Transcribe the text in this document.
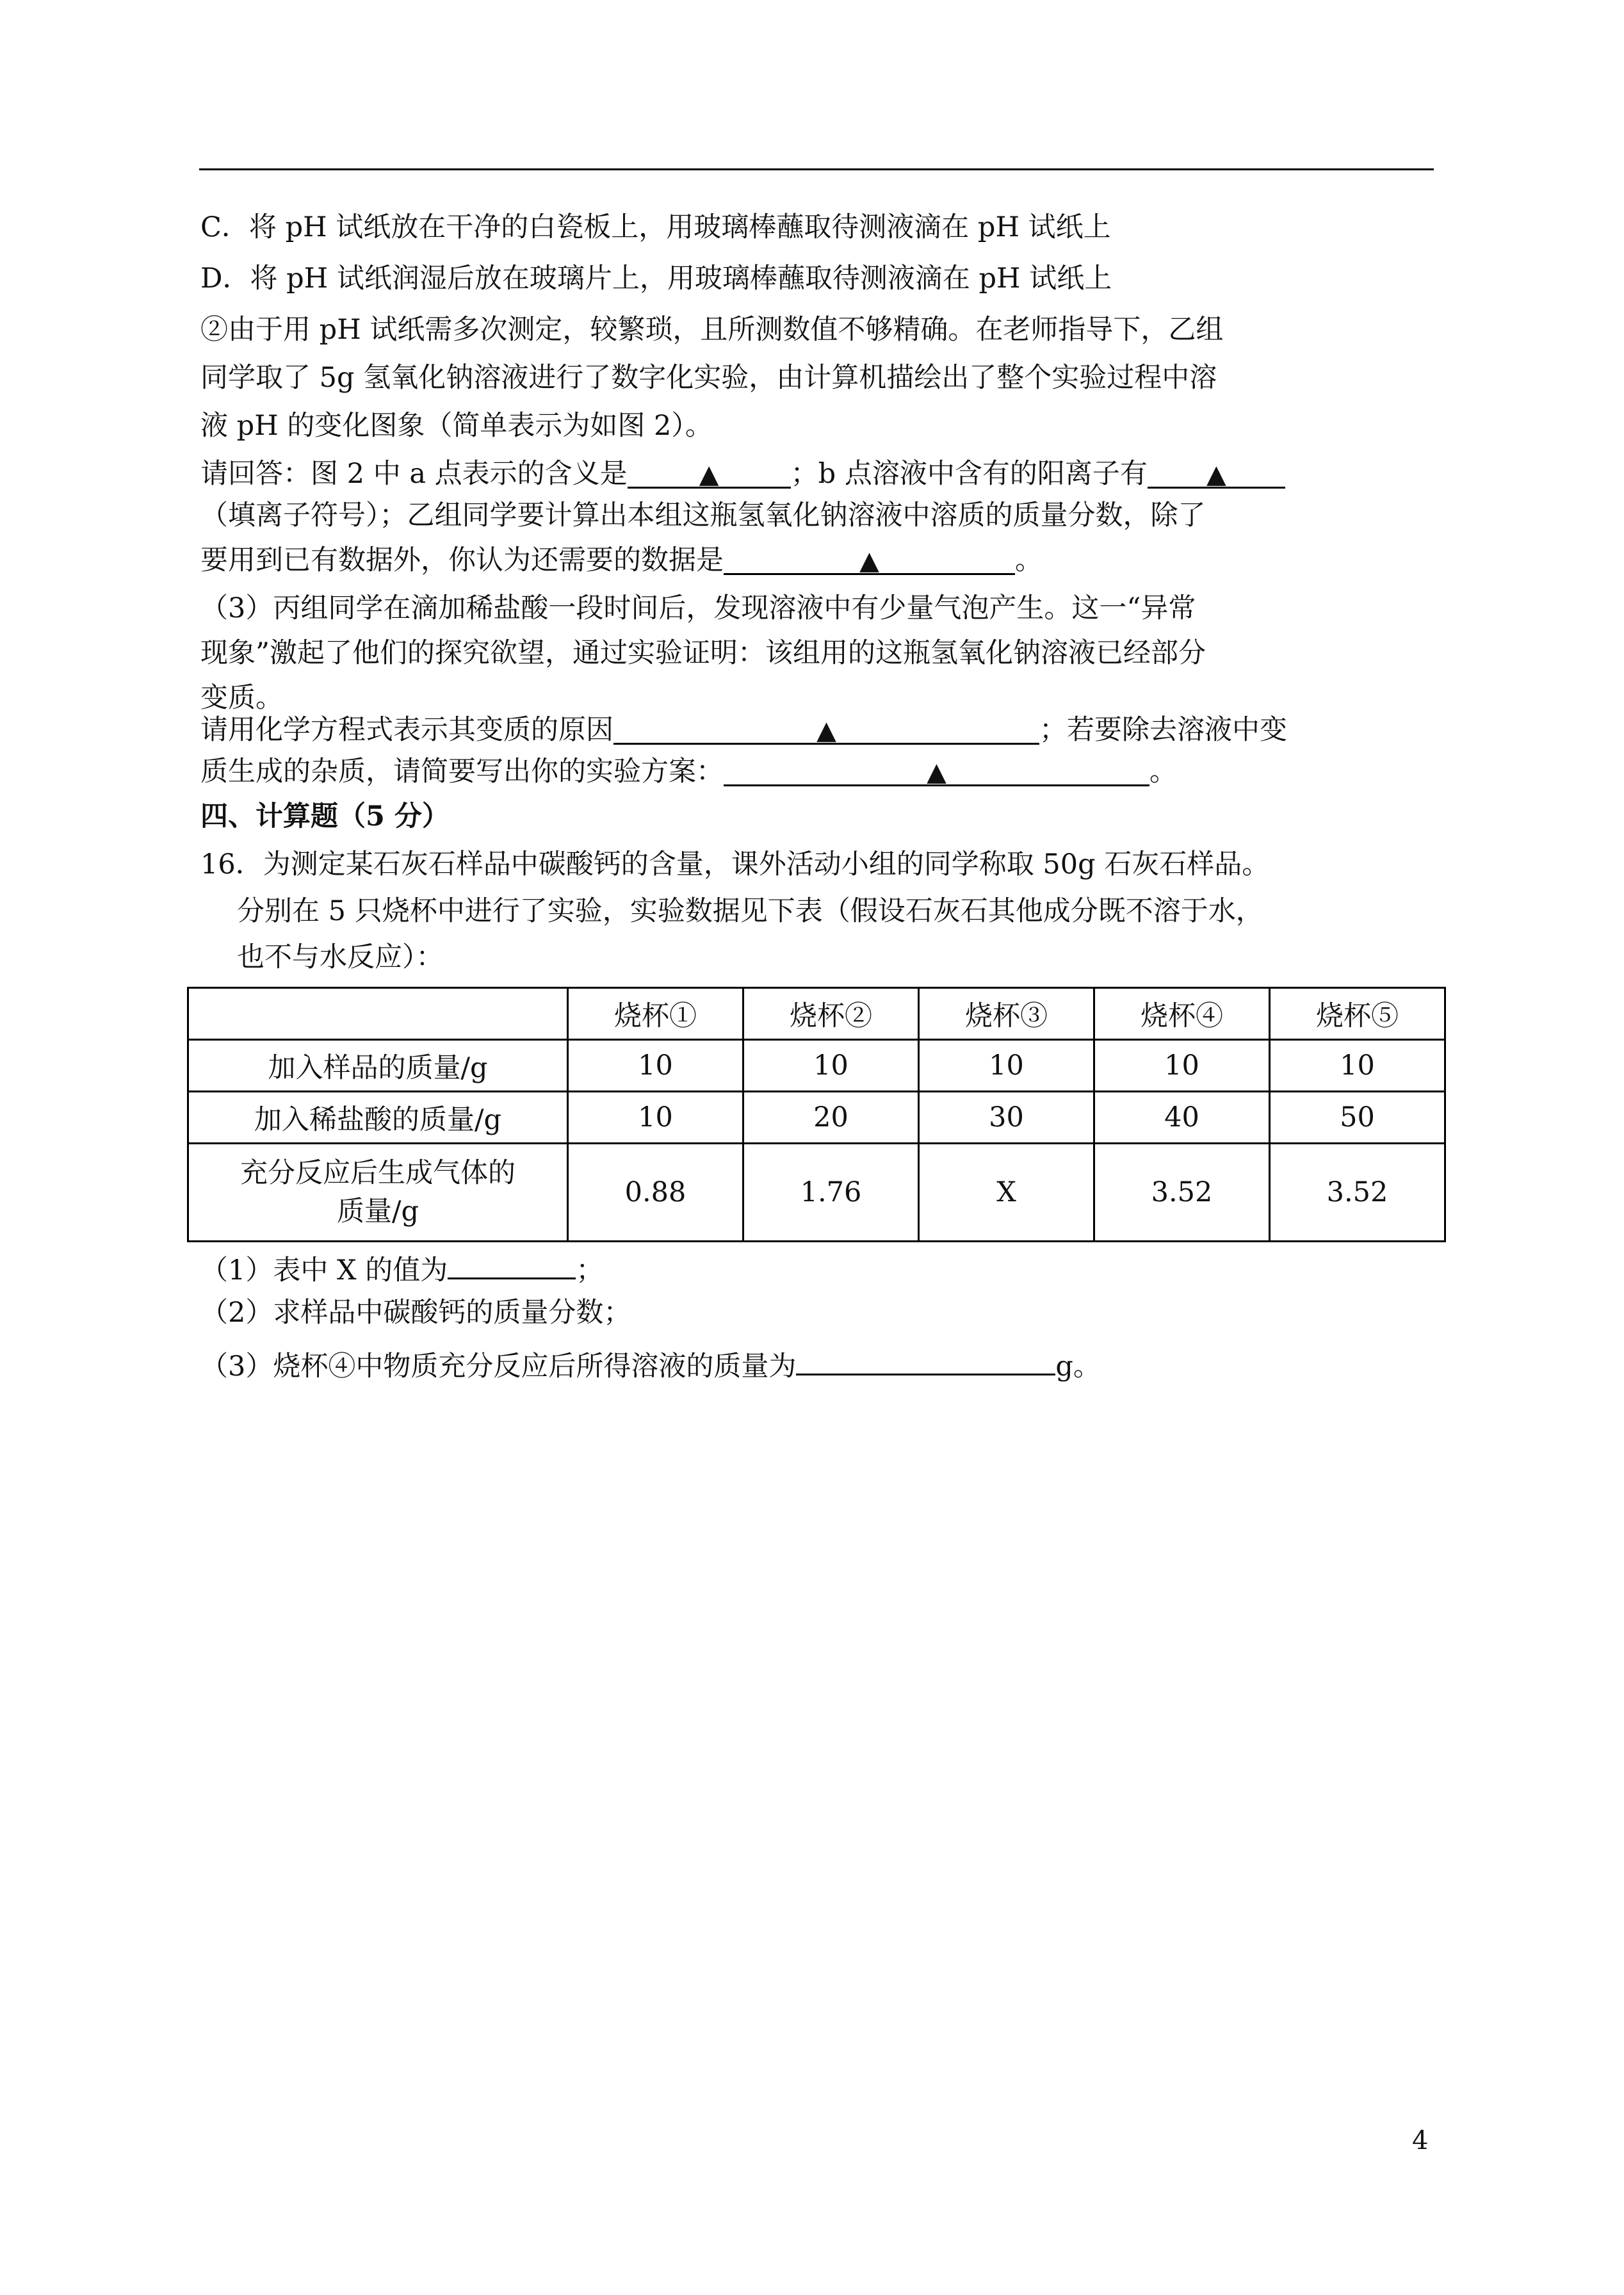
C．将 pH 试纸放在干净的白瓷板上，用玻璃棒蘸取待测液滴在 pH 试纸上
D．将 pH 试纸润湿后放在玻璃片上，用玻璃棒蘸取待测液滴在 pH 试纸上
②由于用 pH 试纸需多次测定，较繁琐，且所测数值不够精确。在老师指导下，乙组
同学取了 5g 氢氧化钠溶液进行了数字化实验，由计算机描绘出了整个实验过程中溶
液 pH 的变化图象（简单表示为如图 2）。
请回答：图 2 中 a 点表示的含义是	▲	；b 点溶液中含有的阳离子有 ▲
（填离子符号）；乙组同学要计算出本组这瓶氢氧化钠溶液中溶质的质量分数，除了
要用到已有数据外，你认为还需要的数据是	▲	。
（3）丙组同学在滴加稀盐酸一段时间后，发现溶液中有少量气泡产生。这一“异常
现象”激起了他们的探究欲望，通过实验证明：该组用的这瓶氢氧化钠溶液已经部分
变质。
请用化学方程式表示其变质的原因	▲	；若要除去溶液中变
质生成的杂质，请简要写出你的实验方案：	▲	。
四、计算题（5 分）
16．为测定某石灰石样品中碳酸钙的含量，课外活动小组的同学称取 50g 石灰石样品。
分别在 5 只烧杯中进行了实验，实验数据见下表（假设石灰石其他成分既不溶于水，
也不与水反应）：
	烧杯①	烧杯②	烧杯③	烧杯④	烧杯⑤
加入样品的质量/g	10	10	10	10	10
加入稀盐酸的质量/g	10	20	30	40	50

充分反应后生成气体的
质量/g	0.88	1.76	X	3.52	3.52
（1）表中 X 的值为	；
（2）求样品中碳酸钙的质量分数；
（3）烧杯④中物质充分反应后所得溶液的质量为	g。
4
